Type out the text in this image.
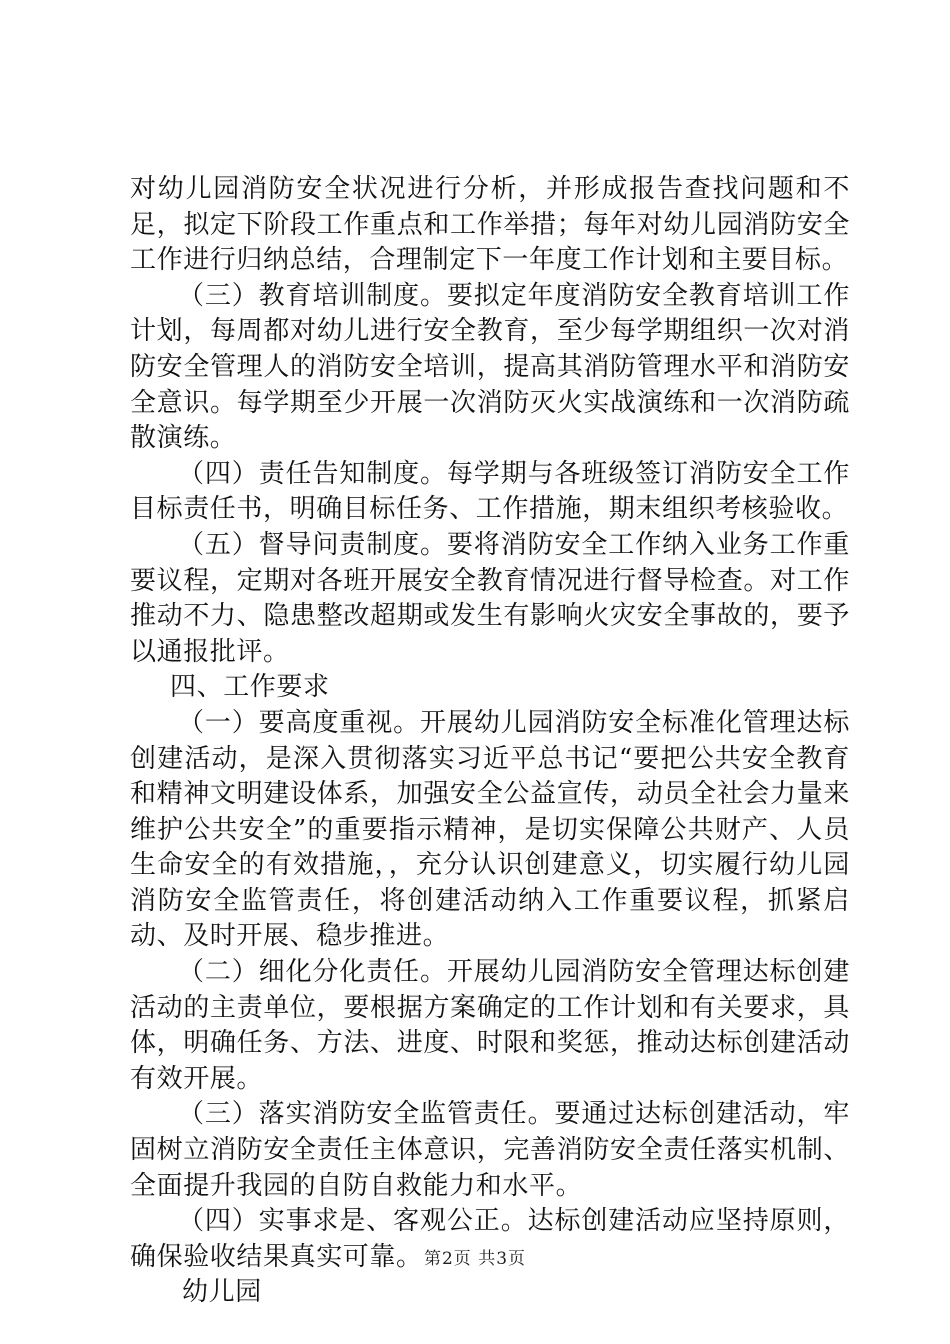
对幼儿园消防安全状况进行分析，并形成报告查找问题和不足，拟定下阶段工作重点和工作举措；每年对幼儿园消防安全工作进行归纳总结，合理制定下一年度工作计划和主要目标。

（三）教育培训制度。要拟定年度消防安全教育培训工作计划，每周都对幼儿进行安全教育，至少每学期组织一次对消防安全管理人的消防安全培训，提高其消防管理水平和消防安全意识。每学期至少开展一次消防灭火实战演练和一次消防疏散演练。

（四）责任告知制度。每学期与各班级签订消防安全工作目标责任书，明确目标任务、工作措施，期末组织考核验收。

（五）督导问责制度。要将消防安全工作纳入业务工作重要议程，定期对各班开展安全教育情况进行督导检查。对工作推动不力、隐患整改超期或发生有影响火灾安全事故的，要予以通报批评。

四、工作要求

（一）要高度重视。开展幼儿园消防安全标准化管理达标创建活动，是深入贯彻落实习近平总书记“要把公共安全教育和精神文明建设体系，加强安全公益宣传，动员全社会力量来维护公共安全”的重要指示精神，是切实保障公共财产、人员生命安全的有效措施，，充分认识创建意义，切实履行幼儿园消防安全监管责任，将创建活动纳入工作重要议程，抓紧启动、及时开展、稳步推进。

（二）细化分化责任。开展幼儿园消防安全管理达标创建活动的主责单位，要根据方案确定的工作计划和有关要求，具体，明确任务、方法、进度、时限和奖惩，推动达标创建活动有效开展。

（三）落实消防安全监管责任。要通过达标创建活动，牢固树立消防安全责任主体意识，完善消防安全责任落实机制、全面提升我园的自防自救能力和水平。

（四）实事求是、客观公正。达标创建活动应坚持原则，确保验收结果真实可靠。

幼儿园

第2页 共3页
